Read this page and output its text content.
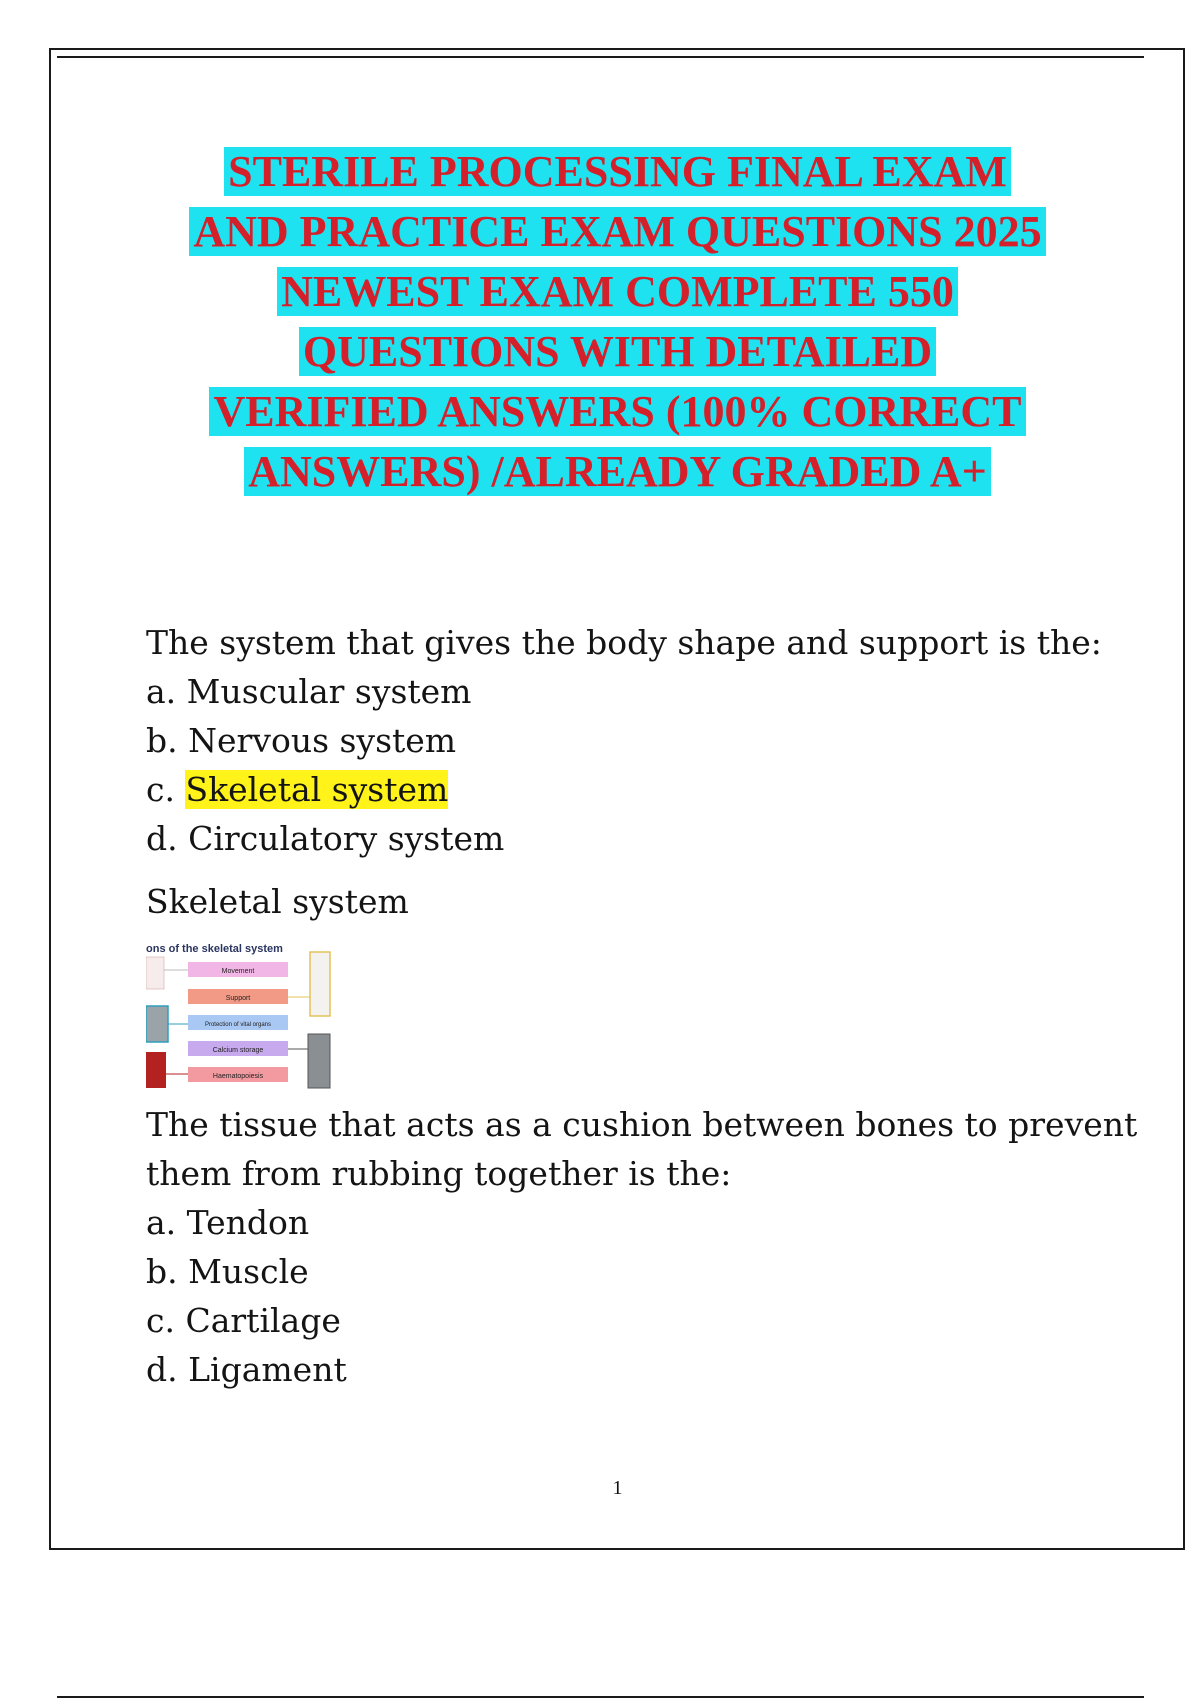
STERILE PROCESSING FINAL EXAM
AND PRACTICE EXAM QUESTIONS 2025
NEWEST EXAM COMPLETE 550
QUESTIONS WITH DETAILED
VERIFIED ANSWERS (100% CORRECT
ANSWERS) /ALREADY GRADED A+
The system that gives the body shape and support is the:
a. Muscular system
b. Nervous system
c. Skeletal system
d. Circulatory system
Skeletal system
ons of the skeletal system
Movement
Support
Protection of vital organs
Calcium storage
Haematopoiesis
The tissue that acts as a cushion between bones to prevent
them from rubbing together is the:
a. Tendon
b. Muscle
c. Cartilage
d. Ligament
1
